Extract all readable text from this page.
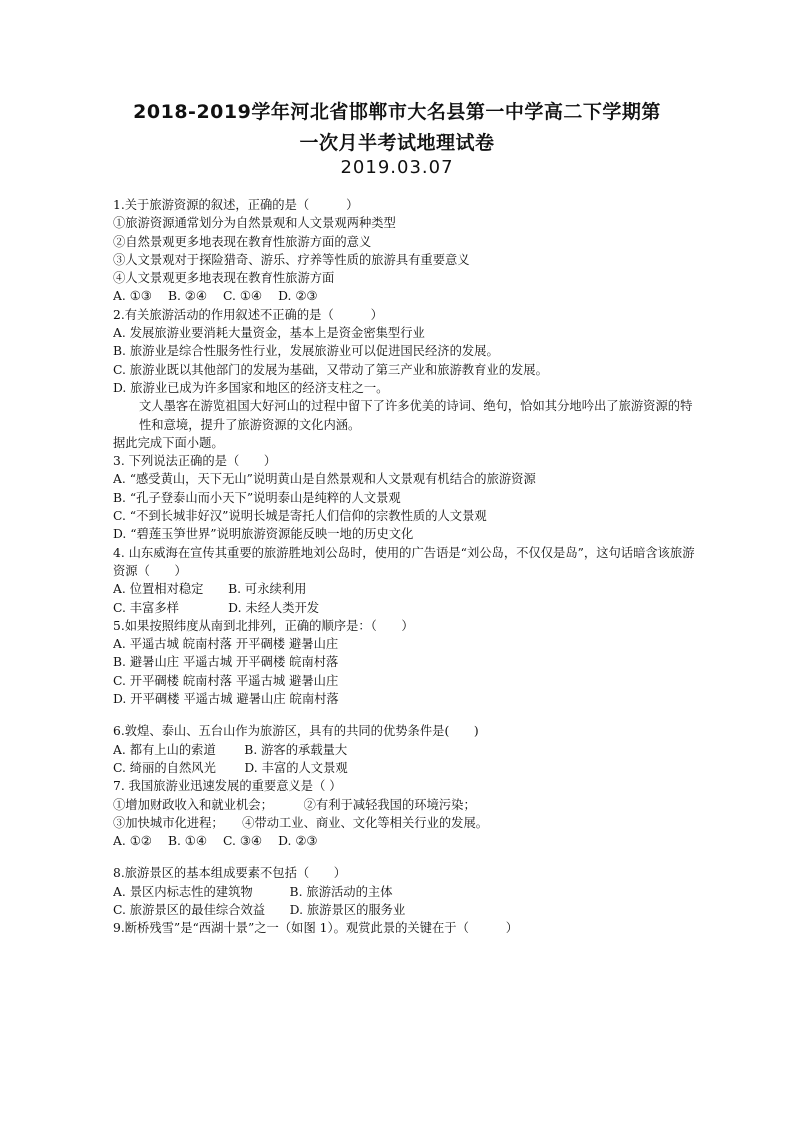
2018-2019学年河北省邯郸市大名县第一中学高二下学期第
一次月半考试地理试卷
2019.03.07
1.关于旅游资源的叙述，正确的是（　　　）
①旅游资源通常划分为自然景观和人文景观两种类型
②自然景观更多地表现在教育性旅游方面的意义
③人文景观对于探险猎奇、游乐、疗养等性质的旅游具有重要意义
④人文景观更多地表现在教育性旅游方面
A. ①③　 B. ②④　 C. ①④　 D. ②③
2.有关旅游活动的作用叙述不正确的是（　　　）
A. 发展旅游业要消耗大量资金，基本上是资金密集型行业
B. 旅游业是综合性服务性行业，发展旅游业可以促进国民经济的发展。
C. 旅游业既以其他部门的发展为基础，又带动了第三产业和旅游教育业的发展。
D. 旅游业已成为许多国家和地区的经济支柱之一。
文人墨客在游览祖国大好河山的过程中留下了许多优美的诗词、绝句，恰如其分地吟出了旅游资源的特性和意境，提升了旅游资源的文化内涵。
据此完成下面小题。
3. 下列说法正确的是（　　）
A. “感受黄山，天下无山”说明黄山是自然景观和人文景观有机结合的旅游资源
B. “孔子登泰山而小天下”说明泰山是纯粹的人文景观
C. “不到长城非好汉”说明长城是寄托人们信仰的宗教性质的人文景观
D. “碧莲玉笋世界”说明旅游资源能反映一地的历史文化
4. 山东威海在宣传其重要的旅游胜地刘公岛时，使用的广告语是“刘公岛，不仅仅是岛”，这句话暗含该旅游资源（　　）
A. 位置相对稳定　　B. 可永续利用
C. 丰富多样　　　　D. 未经人类开发
5.如果按照纬度从南到北排列，正确的顺序是：（　　）
A. 平遥古城 皖南村落 开平碉楼 避暑山庄
B. 避暑山庄 平遥古城 开平碉楼 皖南村落
C. 开平碉楼 皖南村落 平遥古城 避暑山庄
D. 开平碉楼 平遥古城 避暑山庄 皖南村落
6.敦煌、泰山、五台山作为旅游区，具有的共同的优势条件是(　　)
A. 都有上山的索道　　 B. 游客的承载量大
C. 绮丽的自然风光　　 D. 丰富的人文景观
7. 我国旅游业迅速发展的重要意义是（ ）
①增加财政收入和就业机会；　　　②有利于减轻我国的环境污染；
③加快城市化进程；　　④带动工业、商业、文化等相关行业的发展。
A. ①②　 B. ①④　 C. ③④　 D. ②③
8.旅游景区的基本组成要素不包括（　　）
A. 景区内标志性的建筑物　　　B. 旅游活动的主体
C. 旅游景区的最佳综合效益　　D. 旅游景区的服务业
9.断桥残雪”是“西湖十景”之一（如图 1）。观赏此景的关键在于（　　　）
